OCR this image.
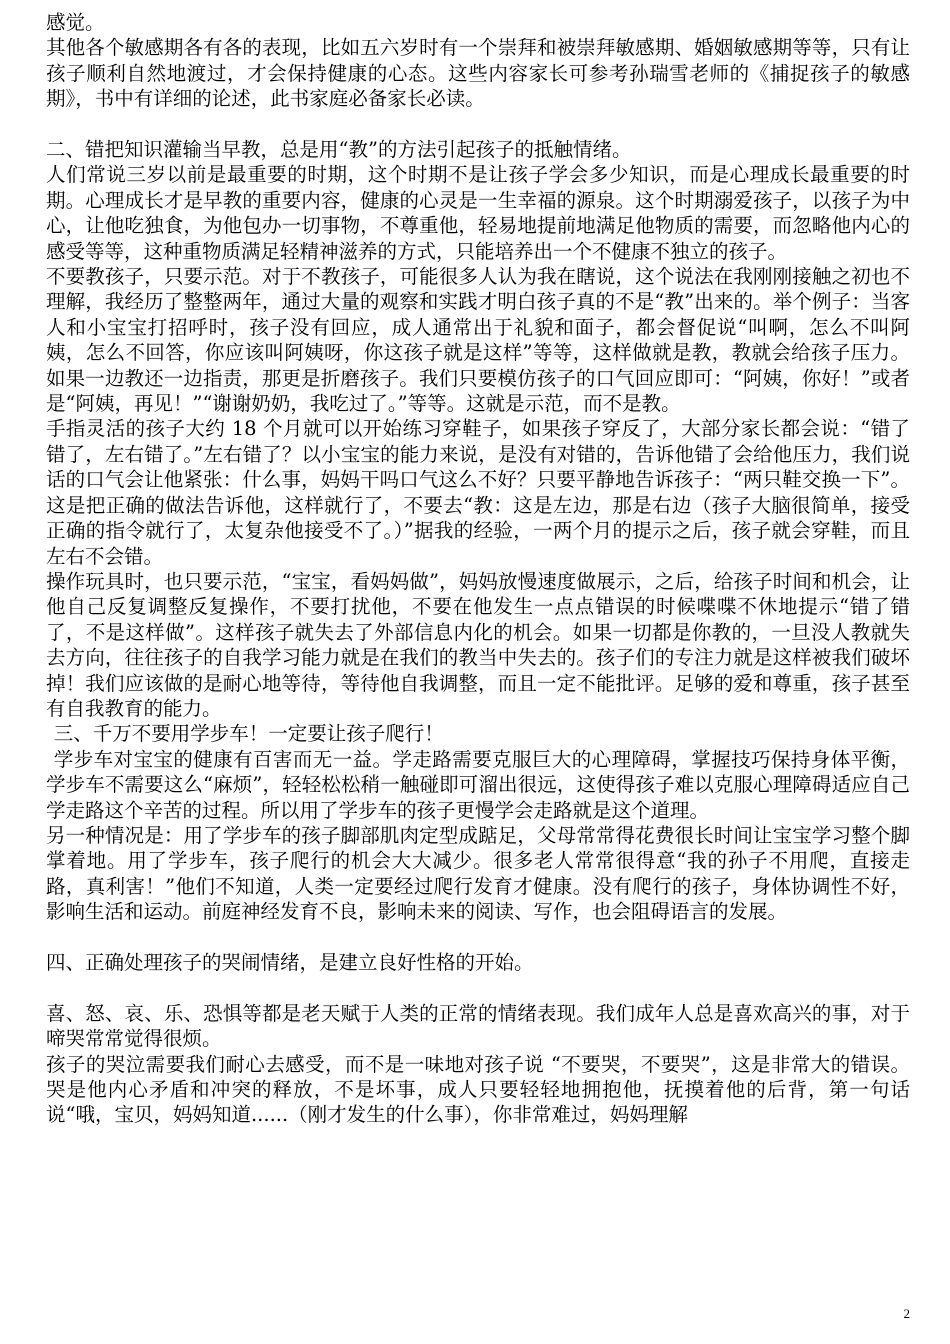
感觉。

其他各个敏感期各有各的表现，比如五六岁时有一个崇拜和被崇拜敏感期、婚姻敏感期等等，只有让孩子顺利自然地渡过，才会保持健康的心态。这些内容家长可参考孙瑞雪老师的《捕捉孩子的敏感期》，书中有详细的论述，此书家庭必备家长必读。

二、错把知识灌输当早教，总是用“教”的方法引起孩子的抵触情绪。

人们常说三岁以前是最重要的时期，这个时期不是让孩子学会多少知识，而是心理成长最重要的时期。心理成长才是早教的重要内容，健康的心灵是一生幸福的源泉。这个时期溺爱孩子，以孩子为中心，让他吃独食，为他包办一切事物，不尊重他，轻易地提前地满足他物质的需要，而忽略他内心的感受等等，这种重物质满足轻精神滋养的方式，只能培养出一个不健康不独立的孩子。

不要教孩子，只要示范。对于不教孩子，可能很多人认为我在瞎说，这个说法在我刚刚接触之初也不理解，我经历了整整两年，通过大量的观察和实践才明白孩子真的不是“教”出来的。举个例子：当客人和小宝宝打招呼时，孩子没有回应，成人通常出于礼貌和面子，都会督促说“叫啊，怎么不叫阿姨，怎么不回答，你应该叫阿姨呀，你这孩子就是这样”等等，这样做就是教，教就会给孩子压力。如果一边教还一边指责，那更是折磨孩子。我们只要模仿孩子的口气回应即可：“阿姨，你好！”或者是“阿姨，再见！”“谢谢奶奶，我吃过了。”等等。这就是示范，而不是教。

手指灵活的孩子大约 18 个月就可以开始练习穿鞋子，如果孩子穿反了，大部分家长都会说：“错了错了，左右错了。”左右错了？以小宝宝的能力来说，是没有对错的，告诉他错了会给他压力，我们说话的口气会让他紧张：什么事，妈妈干吗口气这么不好？只要平静地告诉孩子：“两只鞋交换一下”。这是把正确的做法告诉他，这样就行了，不要去“教：这是左边，那是右边（孩子大脑很简单，接受正确的指令就行了，太复杂他接受不了。）”据我的经验，一两个月的提示之后，孩子就会穿鞋，而且左右不会错。

操作玩具时，也只要示范，“宝宝，看妈妈做”，妈妈放慢速度做展示，之后，给孩子时间和机会，让他自己反复调整反复操作，不要打扰他，不要在他发生一点点错误的时候喋喋不休地提示“错了错了，不是这样做”。这样孩子就失去了外部信息内化的机会。如果一切都是你教的，一旦没人教就失去方向，往往孩子的自我学习能力就是在我们的教当中失去的。孩子们的专注力就是这样被我们破坏掉！我们应该做的是耐心地等待，等待他自我调整，而且一定不能批评。足够的爱和尊重，孩子甚至有自我教育的能力。

三、千万不要用学步车！一定要让孩子爬行！

学步车对宝宝的健康有百害而无一益。学走路需要克服巨大的心理障碍，掌握技巧保持身体平衡，学步车不需要这么“麻烦”，轻轻松松稍一触碰即可溜出很远，这使得孩子难以克服心理障碍适应自己学走路这个辛苦的过程。所以用了学步车的孩子更慢学会走路就是这个道理。

另一种情况是：用了学步车的孩子脚部肌肉定型成踮足，父母常常得花费很长时间让宝宝学习整个脚掌着地。用了学步车，孩子爬行的机会大大减少。很多老人常常很得意“我的孙子不用爬，直接走路，真利害！”他们不知道，人类一定要经过爬行发育才健康。没有爬行的孩子，身体协调性不好，影响生活和运动。前庭神经发育不良，影响未来的阅读、写作，也会阻碍语言的发展。

四、正确处理孩子的哭闹情绪，是建立良好性格的开始。

喜、怒、哀、乐、恐惧等都是老天赋于人类的正常的情绪表现。我们成年人总是喜欢高兴的事，对于啼哭常常觉得很烦。

孩子的哭泣需要我们耐心去感受，而不是一味地对孩子说 “不要哭，不要哭”，这是非常大的错误。哭是他内心矛盾和冲突的释放，不是坏事，成人只要轻轻地拥抱他，抚摸着他的后背，第一句话说“哦，宝贝，妈妈知道......（刚才发生的什么事），你非常难过，妈妈理解

2
